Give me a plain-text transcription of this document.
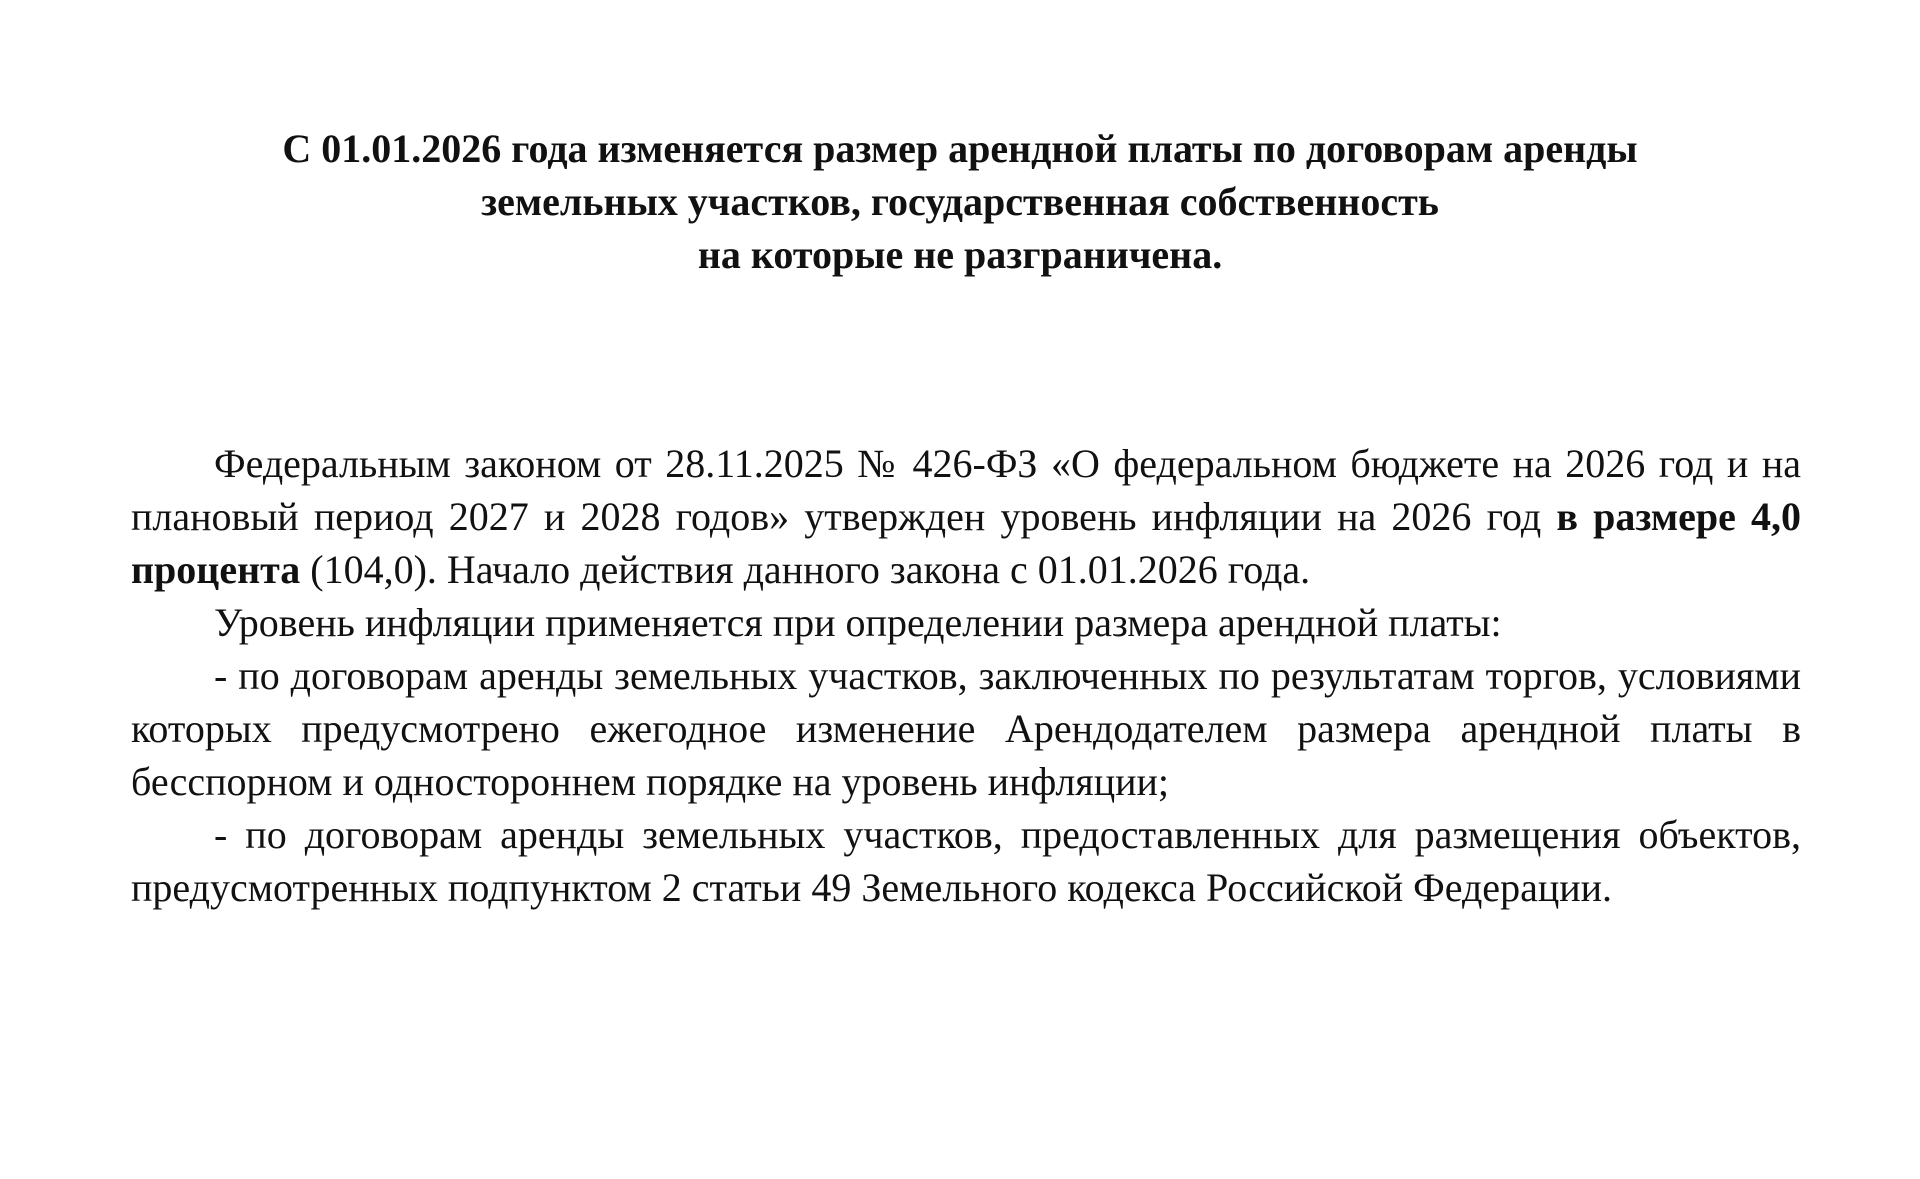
С 01.01.2026 года изменяется размер арендной платы по договорам аренды
земельных участков, государственная собственность
на которые не разграничена.

Федеральным законом от 28.11.2025 № 426-ФЗ «О федеральном бюджете на 2026 год и на плановый период 2027 и 2028 годов» утвержден уровень инфляции на 2026 год в размере 4,0 процента (104,0). Начало действия данного закона с 01.01.2026 года.

Уровень инфляции применяется при определении размера арендной платы:

- по договорам аренды земельных участков, заключенных по результатам торгов, условиями которых предусмотрено ежегодное изменение Арендодателем размера арендной платы в бесспорном и одностороннем порядке на уровень инфляции;

- по договорам аренды земельных участков, предоставленных для размещения объектов, предусмотренных подпунктом 2 статьи 49 Земельного кодекса Российской Федерации.
